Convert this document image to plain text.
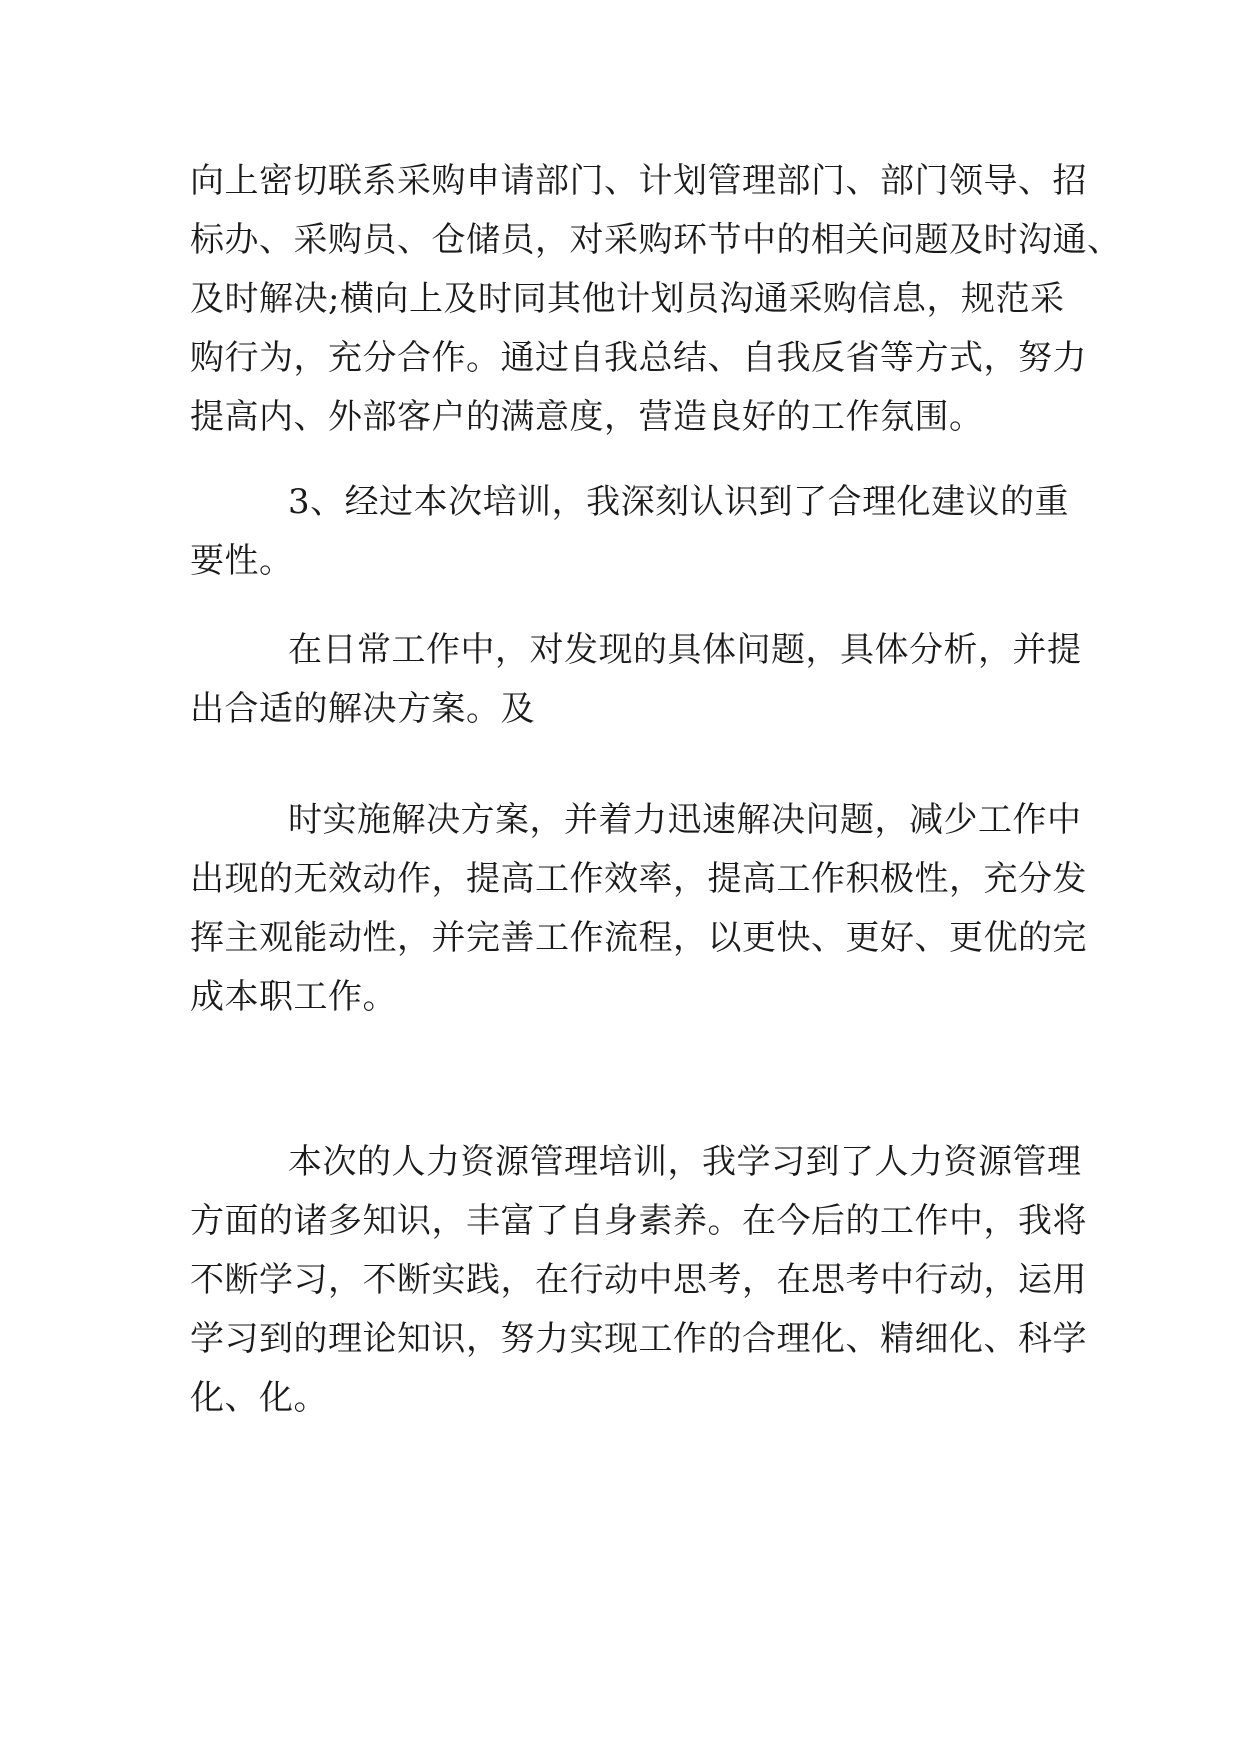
向上密切联系采购申请部门、计划管理部门、部门领导、招
标办、采购员、仓储员，对采购环节中的相关问题及时沟通、
及时解决;横向上及时同其他计划员沟通采购信息，规范采
购行为，充分合作。通过自我总结、自我反省等方式，努力
提高内、外部客户的满意度，营造良好的工作氛围。
3、经过本次培训，我深刻认识到了合理化建议的重
要性。
在日常工作中，对发现的具体问题，具体分析，并提
出合适的解决方案。及
时实施解决方案，并着力迅速解决问题，减少工作中
出现的无效动作，提高工作效率，提高工作积极性，充分发
挥主观能动性，并完善工作流程，以更快、更好、更优的完
成本职工作。
本次的人力资源管理培训，我学习到了人力资源管理
方面的诸多知识，丰富了自身素养。在今后的工作中，我将
不断学习，不断实践，在行动中思考，在思考中行动，运用
学习到的理论知识，努力实现工作的合理化、精细化、科学
化、化。
